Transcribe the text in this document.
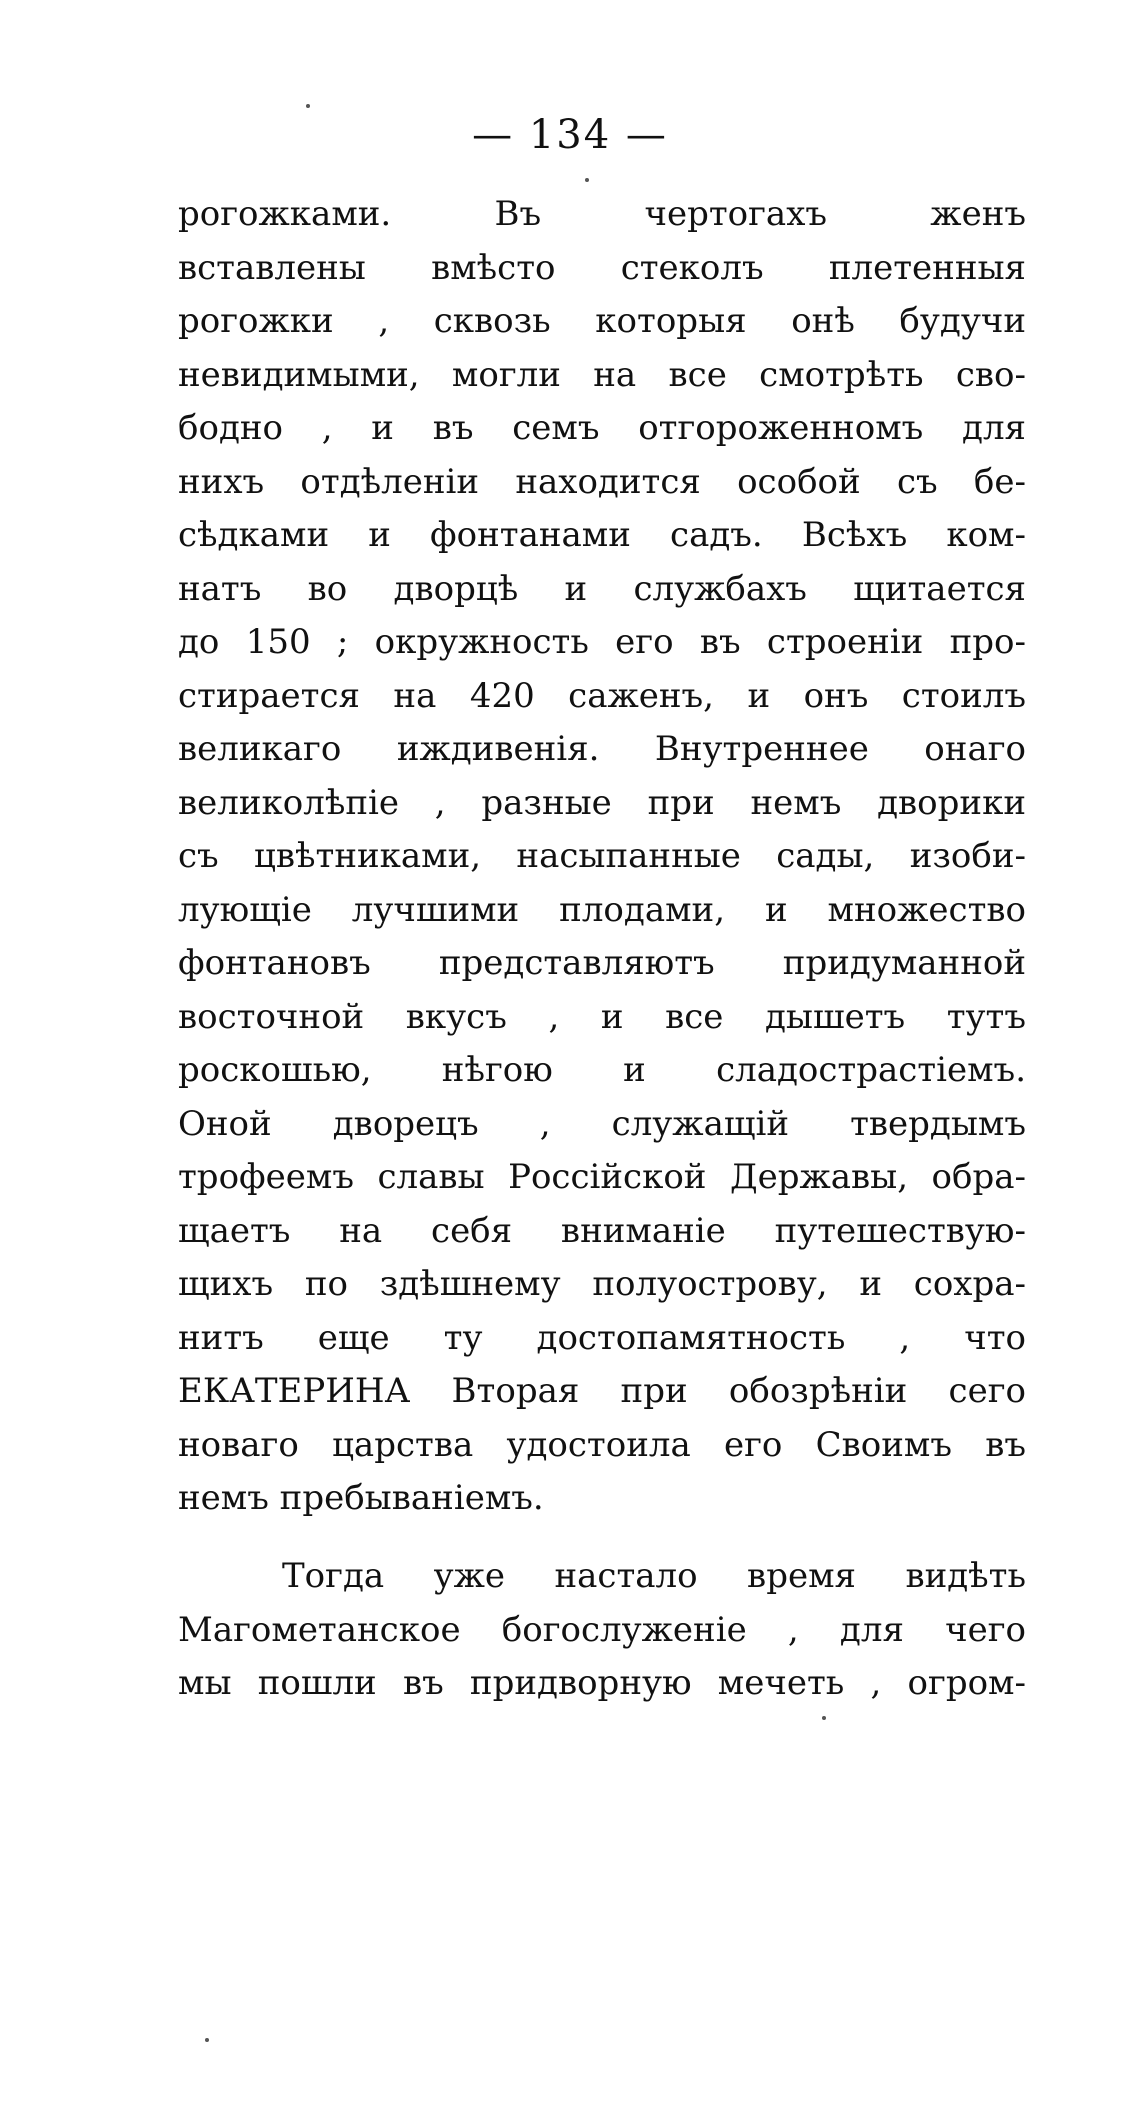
— 134 —
рогожками. Въ чертогахъ женъ
вставлены вмѣсто стеколъ плетенныя
рогожки , сквозь которыя онѣ будучи
невидимыми, могли на все смотрѣть сво-
бодно , и въ семъ отгороженномъ для
нихъ отдѣленiи находится особой съ бе-
сѣдками и фонтанами садъ. Всѣхъ ком-
натъ во дворцѣ и службахъ щитается
до 150 ; окружность его въ строенiи про-
стирается на 420 саженъ, и онъ стоилъ
великаго иждивенiя. Внутреннее онаго
великолѣпiе , разные при немъ дворики
съ цвѣтниками, насыпанные сады, изоби-
лующiе лучшими плодами, и множество
фонтановъ представляютъ придуманной
восточной вкусъ , и все дышетъ тутъ
роскошью, нѣгою и сладострастiемъ.
Оной дворецъ , служащiй твердымъ
трофеемъ славы Россiйской Державы, обра-
щаетъ на себя вниманiе путешествую-
щихъ по здѣшнему полуострову, и сохра-
нитъ еще ту достопамятность , что
ЕКАТЕРИНА Вторая при обозрѣнiи сего
новаго царства удостоила его Своимъ въ
немъ пребыванiемъ.
Тогда уже настало время видѣть
Магометанское богослуженiе , для чего
мы пошли въ придворную мечеть , огром-
